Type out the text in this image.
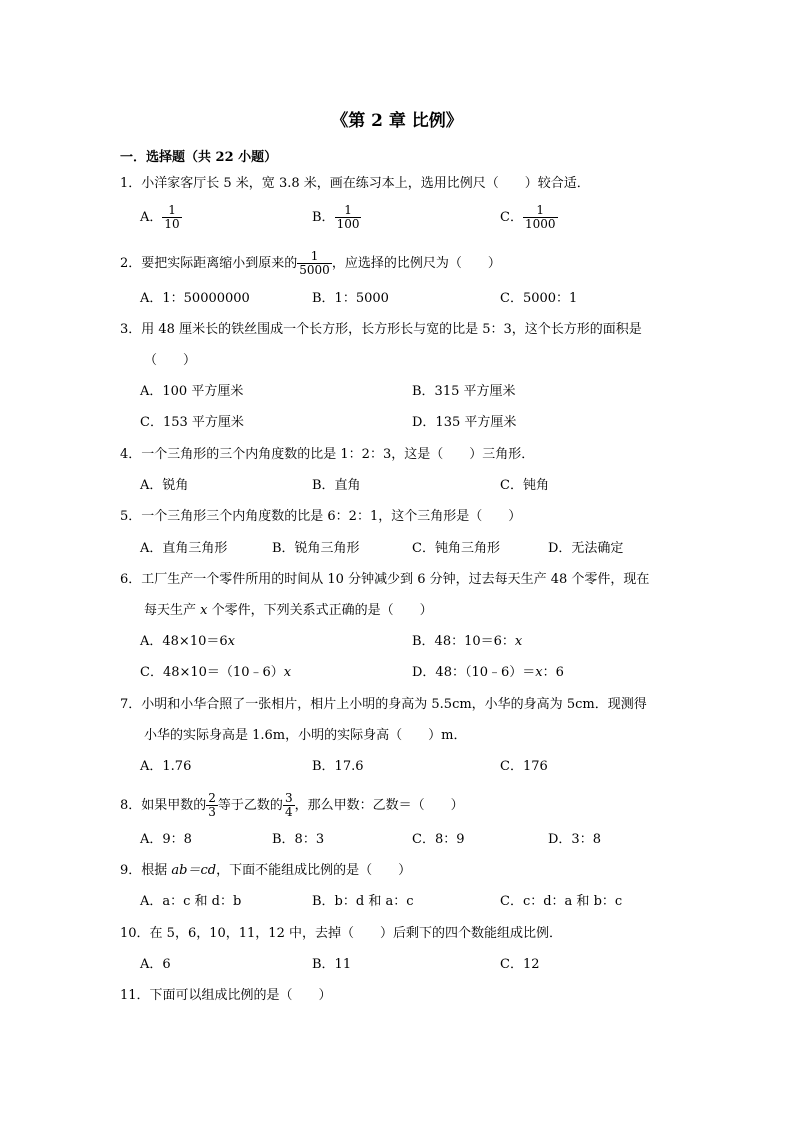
《第 2 章 比例》
一．选择题（共 22 小题）
1．小洋家客厅长 5 米，宽 3.8 米，画在练习本上，选用比例尺（　　）较合适．
A． $\frac{1}{10}$	B． $\frac{1}{100}$	C． $\frac{1}{1000}$
2．要把实际距离缩小到原来的 $\frac{1}{5000}$ ，应选择的比例尺为（　　）
A．1：50000000	B．1：5000	C．5000：1
3．用 48 厘米长的铁丝围成一个长方形，长方形长与宽的比是 5：3，这个长方形的面积是
（　　）
A．100 平方厘米	B．315 平方厘米
C．153 平方厘米	D．135 平方厘米
4．一个三角形的三个内角度数的比是 1：2：3，这是（　　）三角形．
A．锐角	B．直角	C．钝角
5．一个三角形三个内角度数的比是 6：2：1，这个三角形是（　　）
A．直角三角形	B．锐角三角形	C．钝角三角形	D．无法确定
6．工厂生产一个零件所用的时间从 10 分钟减少到 6 分钟，过去每天生产 48 个零件，现在
每天生产 x 个零件，下列关系式正确的是（　　）
A．48×10＝6x	B．48：10＝6：x
C．48×10＝（10﹣6）x	D．48：（10﹣6）＝x：6
7．小明和小华合照了一张相片，相片上小明的身高为 5.5cm，小华的身高为 5cm．现测得
小华的实际身高是 1.6m，小明的实际身高（　　）m．
A．1.76	B．17.6	C．176
8．如果甲数的 $\frac{2}{3}$ 等于乙数的 $\frac{3}{4}$ ，那么甲数：乙数＝（　　）
A．9：8	B．8：3	C．8：9	D．3：8
9．根据 ab＝cd，下面不能组成比例的是（　　）
A．a：c 和 d：b	B．b：d 和 a：c	C．c：d：a 和 b：c
10．在 5，6，10，11，12 中，去掉（　　）后剩下的四个数能组成比例．
A．6	B．11	C．12
11．下面可以组成比例的是（　　）
